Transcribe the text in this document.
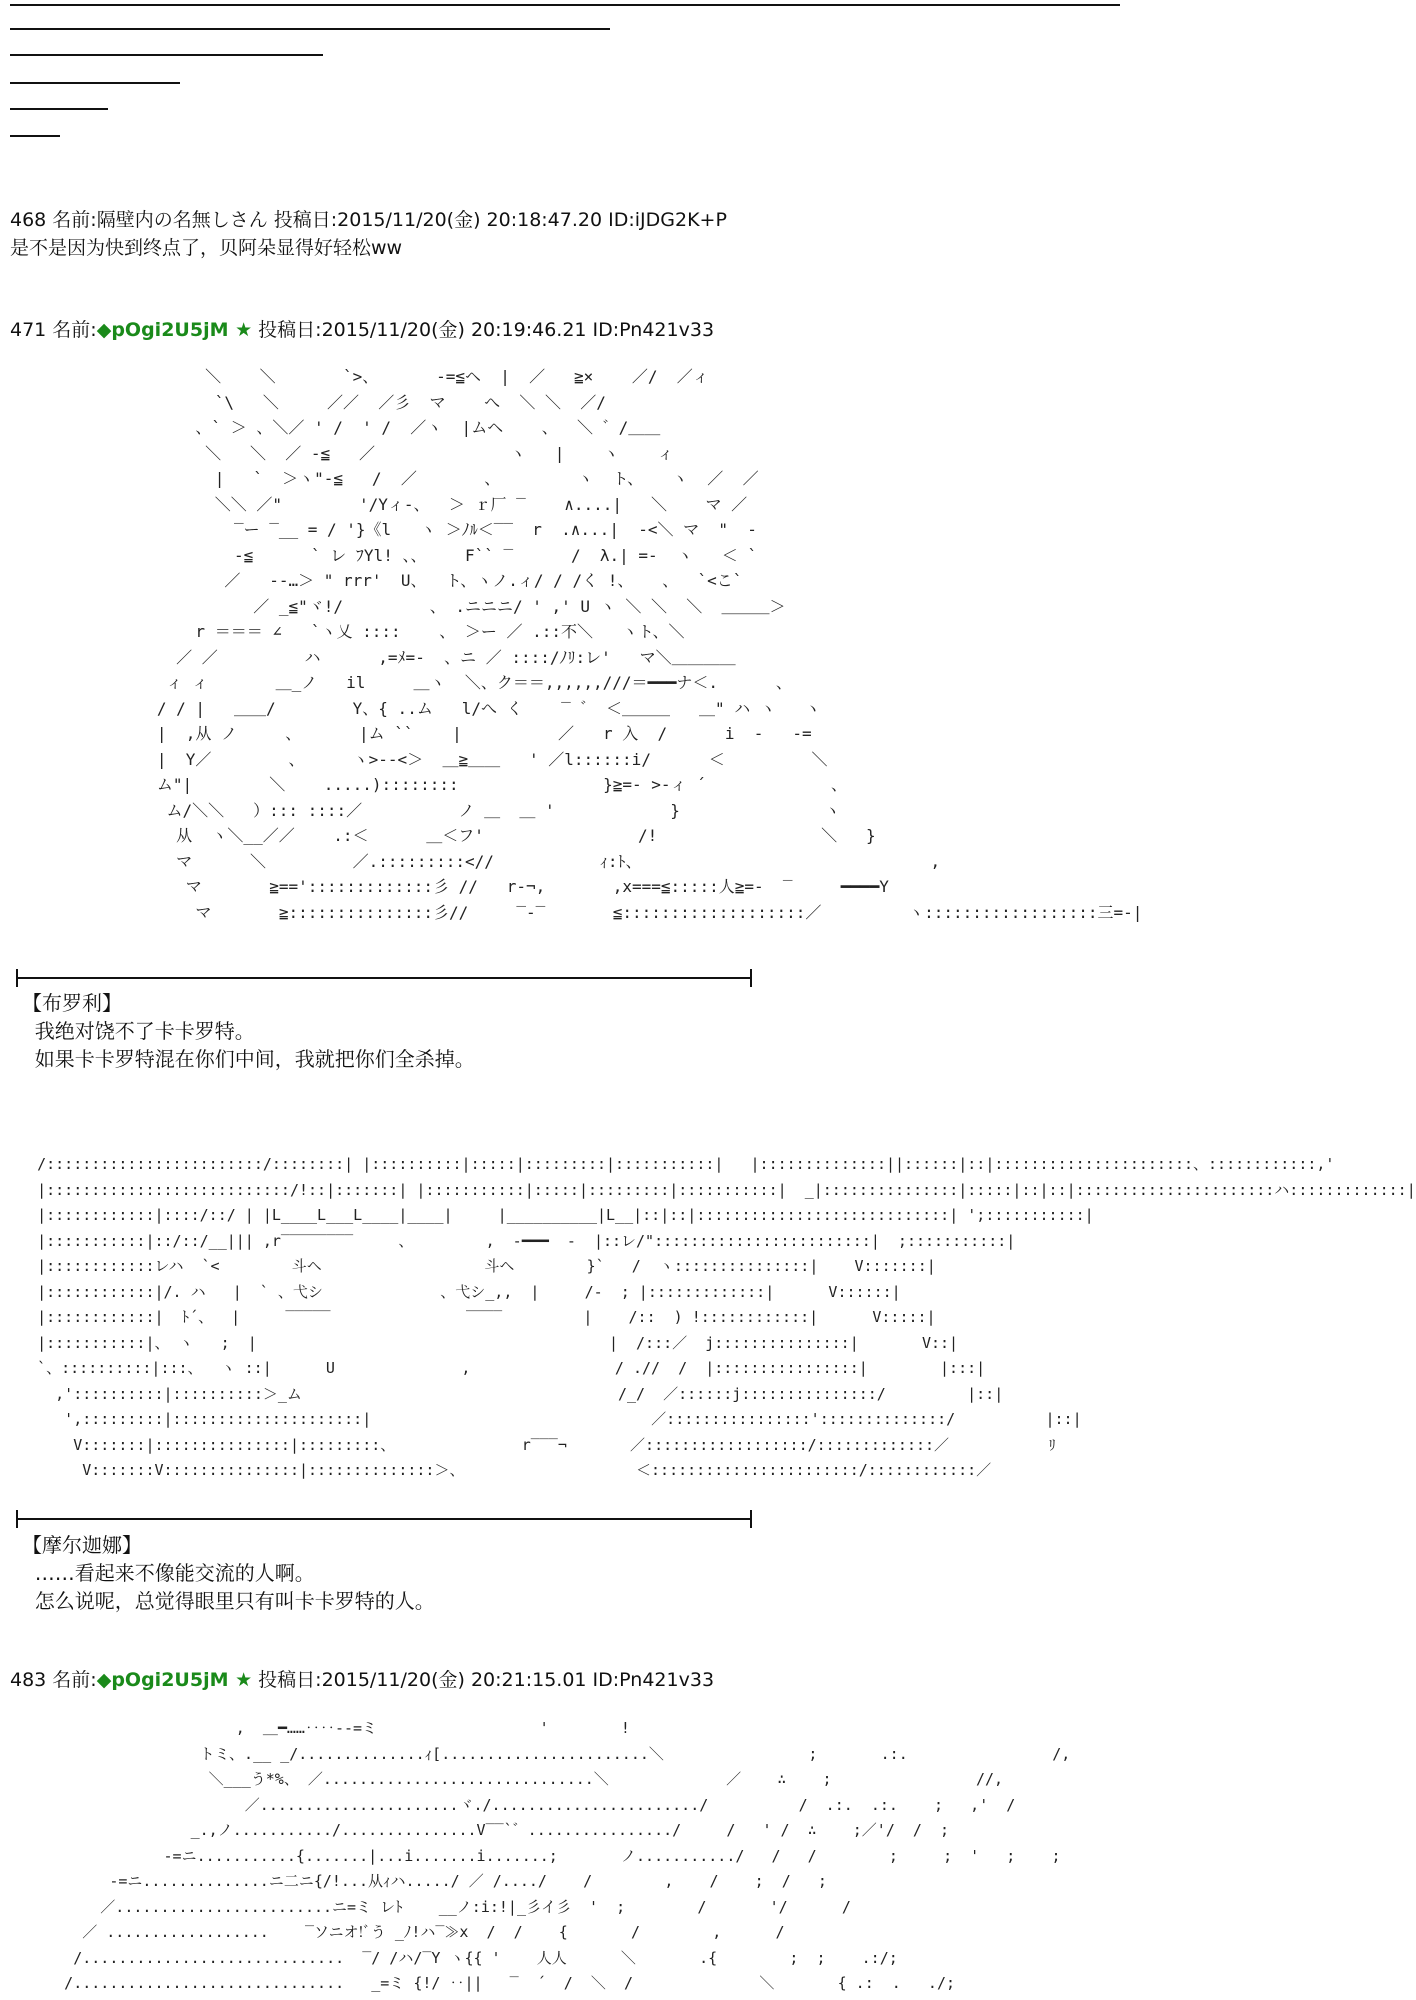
468 名前:隔壁内の名無しさん 投稿日:2015/11/20(金) 20:18:47.20 ID:iJDG2K+P
是不是因为快到终点了，贝阿朵显得好轻松ww
471 名前:◆pOgi2U5jM ★ 投稿日:2015/11/20(金) 20:19:46.21 ID:Pn421v33
＼    ＼       `>、      -=≦ヘ  |  ／   ≧×    ／/  ／ィ
`\   ＼     ／／  ／彡  マ    へ  ＼ ＼  ／/
、` ＞ 、＼／ ' /  ' /  ／ヽ  |ムヘ    、  ＼ ゛/＿＿
＼   ＼  ／ -≦   ／              ヽ   |    ヽ    ィ
|   `  ＞ヽ"-≦   /  ／       、        ヽ  ト、   ヽ  ／  ／
＼＼ ／"        '/Yィ-、  ＞ ｒ厂 ‾    ∧....|   ＼    マ ／
‾ー ‾__ = / '}《l   ヽ ＞ﾉﾙ＜‾‾  r  .∧...|  -<＼ マ  "  -
-≦      ` レ ﾌYl! 、、    F`` ‾      /  λ.| =-  ヽ   ＜ `
／   --…＞ " rrr'  U、  ト、ヽノ.ィ/ / /く !、   、  `<こ`
／ _≦"ヾ!/         、 .ニニニ/ ' ,' U ヽ ＼ ＼  ＼  ＿＿＿＞
r ＝＝＝ ∠   `ヽ乂 ::::    、 ＞ー ／ .::不＼   ヽト、＼
／ ／         ハ      ,=ﾒ=-  、ニ ／ ::::/ﾉﾘ:レ'   マ＼＿＿＿＿
ィ ィ       ＿_ノ   il     ＿ヽ  ＼、ク＝＝,,,,,,///＝━━━ナ＜.      、
/ / |   ＿＿/        Y、{ ..ム   l/へ く    ‾ ゛ ＜＿＿＿   ＿" ハ ヽ   ヽ
|  ,从 ノ     、      |ム ``    |          ／   r 入  /      i  -   -=
|  Y／        、     ヽ>--<＞  ＿≧＿＿   ' ／l::::::i/      ＜         ＼
ム"|        ＼    .....)::::::::               }≧=- >-ィ ´             、
ム/＼＼   ）::: ::::／          ノ ＿  ＿ '            }               ヽ
从  ヽ＼__／／    .:＜      ＿＜フ'                /!                 ＼   }
マ      ＼         ／.:::::::::<//           ｨ:ﾄ、                              ,
マ       ≧==':::::::::::::彡 //   r-¬,       ,x===≦:::::人≧=-  ‾     ━━━━Y
マ       ≧:::::::::::::::彡//     ‾-‾       ≦:::::::::::::::::::／         ヽ::::::::::::::::::三=-|
【布罗利】
我绝对饶不了卡卡罗特。
如果卡卡罗特混在你们中间，我就把你们全杀掉。
/::::::::::::::::::::::::/::::::::| |::::::::::|:::::|:::::::::|:::::::::::|   |::::::::::::::||::::::|::|::::::::::::::::::::::、::::::::::::,'
|:::::::::::::::::::::::::::/!::|:::::::| |:::::::::::|:::::|:::::::::|:::::::::::|  _|:::::::::::::::|:::::|::|::|::::::::::::::::::::::ハ:::::::::::::|
|::::::::::::|::::/::/ | |L____L___L____|____|     |__________|L__|::|::|::::::::::::::::::::::::::::| ';:::::::::::|
|:::::::::::|::/::/__||| ,r‾‾‾‾‾‾‾‾     、        ,  -━━━  -  |::レ/"::::::::::::::::::::::::|  ;:::::::::::|
|::::::::::::レハ  `<        斗ヘ                  斗ヘ        }`   /  ヽ:::::::::::::::|    V:::::::|
|::::::::::::|/. ハ   |  ` 、弋シ             、弋シ_,,  |     /-  ; |:::::::::::::|      V::::::|
|::::::::::::|  ﾄ´、  |     ‾‾‾‾‾               ‾‾‾‾         |    /::  ) !::::::::::::|      V:::::|
|:::::::::::|、 ヽ   ;  |                                       |  /:::／  j:::::::::::::::|       V::|
`、::::::::::|:::、  ヽ ::|      U              ,                / .//  /  |::::::::::::::::|        |:::|
,'::::::::::|::::::::::＞_ム                                   /_/  ／::::::j:::::::::::::::/         |::|
',:::::::::|:::::::::::::::::::::|                               ／::::::::::::::::'::::::::::::::/          |::|
V:::::::|:::::::::::::::|:::::::::、              r‾‾‾¬       ／::::::::::::::::::/:::::::::::::／           ﾘ
V:::::::V:::::::::::::::|::::::::::::::＞、                   ＜:::::::::::::::::::::::/::::::::::::／
【摩尔迦娜】
……看起来不像能交流的人啊。
怎么说呢，总觉得眼里只有叫卡卡罗特的人。
483 名前:◆pOgi2U5jM ★ 投稿日:2015/11/20(金) 20:21:15.01 ID:Pn421v33
,  ＿━……‥‥--=ミ                  '        !
トミ、.__ _/..............ｨ[.......................＼                ;       .:.                /,
＼___う*%、 ／..............................＼             ／    ∴    ;                //,
／......................ヾ./......................./          /  .:.  .:.    ;   ,'  /
_.,ノ.........../...............V‾‾`゛................/     /   ' /  ∴    ;／'/  /  ;
-=ニ...........{.......|...i.......i.......;       ノ.........../   /   /        ;     ;  '   ;    ;
-=ニ..............ニ二ニ{/!...从ｨハ...../ ／ /..../    /        ,    /    ;  /   ;
／........................ニ=ミ レﾄ    __ノ:i:!|_彡イ彡  '  ;        /       '/      /
／ ..................    ‾ソニオ!ﾞう _ﾉ!ハ‾≫x  /  /    {       /        ,      /
/.............................  ‾/ /ハ/‾Y ヽ{{ '    人人      ＼       .{        ;  ;    .:/;
/..............................   _=ミ {!/ ‥||   ‾  ´  /  ＼  /              ＼       { .:  .   ./;
